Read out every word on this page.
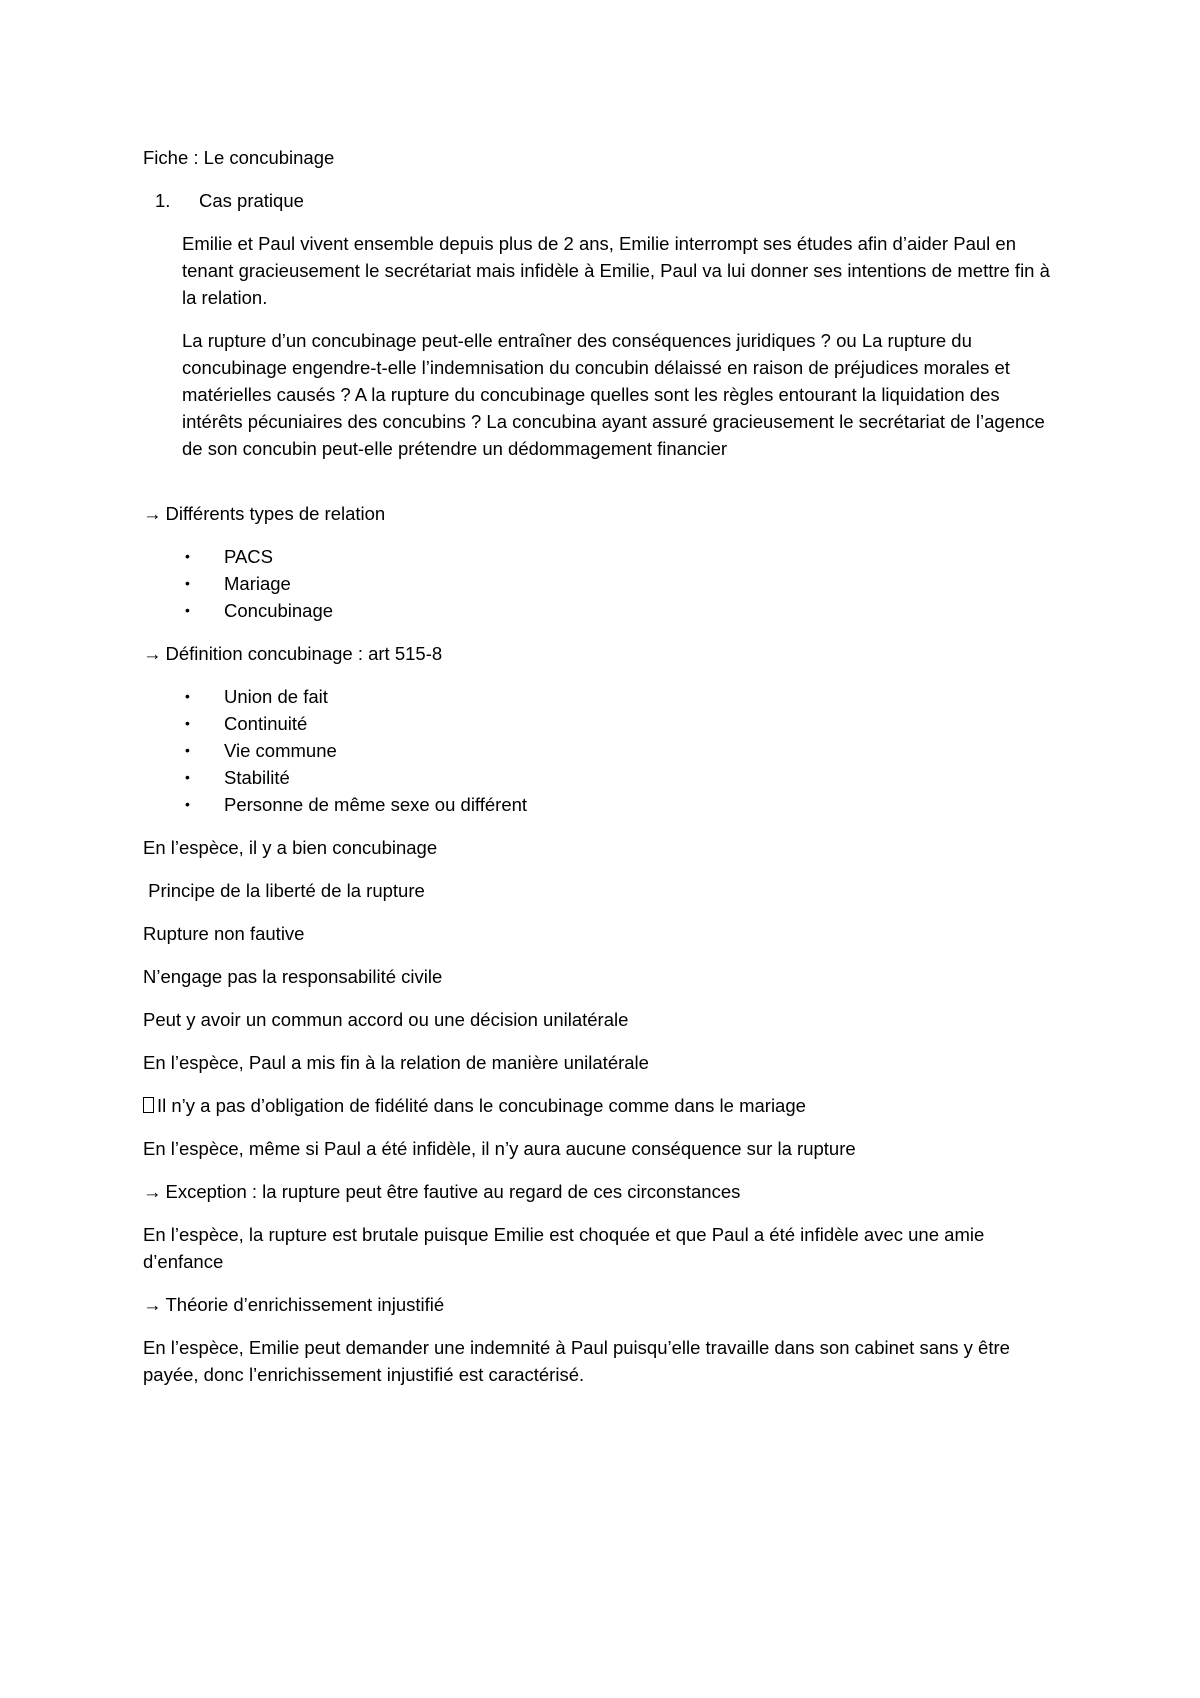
Fiche : Le concubinage

1.	Cas pratique

Emilie et Paul vivent ensemble depuis plus de 2 ans, Emilie interrompt ses études afin d’aider Paul en tenant gracieusement le secrétariat mais infidèle à Emilie, Paul va lui donner ses intentions de mettre fin à la relation.

La rupture d’un concubinage peut-elle entraîner des conséquences juridiques ? ou La rupture du concubinage engendre-t-elle l’indemnisation du concubin délaissé en raison de préjudices morales et matérielles causés ? A la rupture du concubinage quelles sont les règles entourant la liquidation des intérêts pécuniaires des concubins ? La concubina ayant assuré gracieusement le secrétariat de l’agence de son concubin peut-elle prétendre un dédommagement financier

→ Différents types de relation

•	PACS
•	Mariage
•	Concubinage

→ Définition concubinage : art 515-8

•	Union de fait
•	Continuité
•	Vie commune
•	Stabilité
•	Personne de même sexe ou différent

En l’espèce, il y a bien concubinage

Principe de la liberté de la rupture

Rupture non fautive

N’engage pas la responsabilité civile

Peut y avoir un commun accord ou une décision unilatérale

En l’espèce, Paul a mis fin à la relation de manière unilatérale

Il n’y a pas d’obligation de fidélité dans le concubinage comme dans le mariage

En l’espèce, même si Paul a été infidèle, il n’y aura aucune conséquence sur la rupture

→ Exception : la rupture peut être fautive au regard de ces circonstances

En l’espèce, la rupture est brutale puisque Emilie est choquée et que Paul a été infidèle avec une amie d’enfance

→ Théorie d’enrichissement injustifié

En l’espèce, Emilie peut demander une indemnité à Paul puisqu’elle travaille dans son cabinet sans y être payée, donc l’enrichissement injustifié est caractérisé.
